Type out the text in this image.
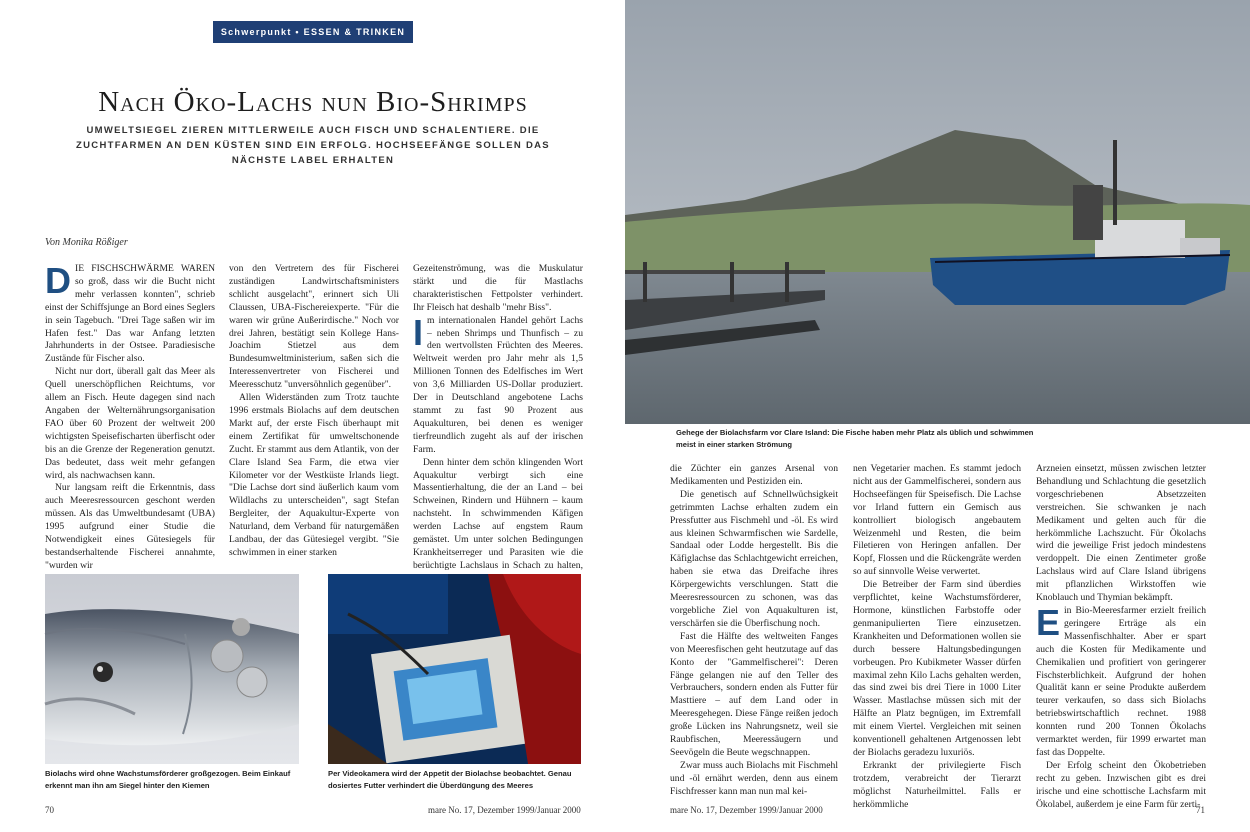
Schwerpunkt • ESSEN & TRINKEN
Nach Öko-Lachs nun Bio-Shrimps
UMWELTSIEGEL ZIEREN MITTLERWEILE AUCH FISCH UND SCHALENTIERE. DIE ZUCHTFARMEN AN DEN KÜSTEN SIND EIN ERFOLG. HOCHSEEFÄNGE SOLLEN DAS NÄCHSTE LABEL ERHALTEN
Von Monika Rößiger
D IE FISCHSCHWÄRME WAREN so groß, dass wir die Bucht nicht mehr verlassen konnten", schrieb einst der Schiffsjunge an Bord eines Seglers in sein Tagebuch. "Drei Tage saßen wir im Hafen fest." Das war Anfang letzten Jahrhunderts in der Ostsee. Paradiesische Zustände für Fischer also.

Nicht nur dort, überall galt das Meer als Quell unerschöpflichen Reichtums, vor allem an Fisch. Heute dagegen sind nach Angaben der Welternährungsorganisation FAO über 60 Prozent der weltweit 200 wichtigsten Speisefischarten überfischt oder bis an die Grenze der Regeneration genutzt. Das bedeutet, dass weit mehr gefangen wird, als nachwachsen kann.

Nur langsam reift die Erkenntnis, dass auch Meeresressourcen geschont werden müssen. Als das Umweltbundesamt (UBA) 1995 aufgrund einer Studie die Notwendigkeit eines Gütesiegels für bestandserhaltende Fischerei annahmte, "wurden wir

von den Vertretern des für Fischerei zuständigen Landwirtschaftsministers schlicht ausgelacht", erinnert sich Uli Claussen, UBA-Fischereiexperte. "Für die waren wir grüne Außerirdische." Noch vor drei Jahren, bestätigt sein Kollege Hans-Joachim Stietzel aus dem Bundesumweltministerium, saßen sich die Interessenvertreter von Fischerei und Meeresschutz "unversöhnlich gegenüber".

Allen Widerständen zum Trotz tauchte 1996 erstmals Biolachs auf dem deutschen Markt auf, der erste Fisch überhaupt mit einem Zertifikat für umweltschonende Zucht. Er stammt aus dem Atlantik, von der Clare Island Sea Farm, die etwa vier Kilometer vor der Westküste Irlands liegt. "Die Lachse dort sind äußerlich kaum vom Wildlachs zu unterscheiden", sagt Stefan Bergleiter, der Aquakultur-Experte von Naturland, dem Verband für naturgemäßen Landbau, der das Gütesiegel vergibt. "Sie schwimmen in einer starken

Gezeitenströmung, was die Muskulatur stärkt und die für Mastlachs charakteristischen Fettpolster verhindert. Ihr Fleisch hat deshalb "mehr Biss".

I m internationalen Handel gehört Lachs – neben Shrimps und Thunfisch – zu den wertvollsten Früchten des Meeres. Weltweit werden pro Jahr mehr als 1,5 Millionen Tonnen des Edelfisches im Wert von 3,6 Milliarden US-Dollar produziert. Der in Deutschland angebotene Lachs stammt zu fast 90 Prozent aus Aquakulturen, bei denen es weniger tierfreundlich zugeht als auf der irischen Farm.

Denn hinter dem schön klingenden Wort Aquakultur verbirgt sich eine Massentierhaltung, die der an Land – bei Schweinen, Rindern und Hühnern – kaum nachsteht. In schwimmenden Käfigen werden Lachse auf engstem Raum gemästet. Um unter solchen Bedingungen Krankheitserreger und Parasiten wie die berüchtigte Lachslaus in Schach zu halten,

Biolachs wird ohne Wachstumsförderer großgezogen. Beim Einkauf erkennt man ihn am Siegel hinter den Kiemen
Per Videokamera wird der Appetit der Biolachse beobachtet. Genau dosiertes Futter verhindert die Überdüngung des Meeres
70	mare No. 17, Dezember 1999/Januar 2000
Gehege der Biolachsfarm vor Clare Island: Die Fische haben mehr Platz als üblich und schwimmen meist in einer starken Strömung

die Züchter ein ganzes Arsenal von Medikamenten und Pestiziden ein.

Die genetisch auf Schnellwüchsigkeit getrimmten Lachse erhalten zudem ein Pressfutter aus Fischmehl und -öl. Es wird aus kleinen Schwarmfischen wie Sardelle, Sandaal oder Lodde hergestellt. Bis die Käfiglachse das Schlachtgewicht erreichen, haben sie etwa das Dreifache ihres Körpergewichts verschlungen. Statt die Meeresressourcen zu schonen, was das vorgebliche Ziel von Aquakulturen ist, verschärfen sie die Überfischung noch.

Fast die Hälfte des weltweiten Fanges von Meeresfischen geht heutzutage auf das Konto der "Gammelfischerei": Deren Fänge gelangen nie auf den Teller des Verbrauchers, sondern enden als Futter für Masttiere – auf dem Land oder in Meeresgehegen. Diese Fänge reißen jedoch große Lücken ins Nahrungsnetz, weil sie Raubfischen, Meeressäugern und Seevögeln die Beute wegschnappen.

Zwar muss auch Biolachs mit Fischmehl und -öl ernährt werden, denn aus einem Fischfresser kann man nun mal kei-

nen Vegetarier machen. Es stammt jedoch nicht aus der Gammelfischerei, sondern aus Hochseefängen für Speisefisch. Die Lachse vor Irland futtern ein Gemisch aus kontrolliert biologisch angebautem Weizenmehl und Resten, die beim Filetieren von Heringen anfallen. Der Kopf, Flossen und die Rückengräte werden so auf sinnvolle Weise verwertet.

Die Betreiber der Farm sind überdies verpflichtet, keine Wachstumsförderer, Hormone, künstlichen Farbstoffe oder genmanipulierten Tiere einzusetzen. Krankheiten und Deformationen wollen sie durch bessere Haltungsbedingungen vorbeugen. Pro Kubikmeter Wasser dürfen maximal zehn Kilo Lachs gehalten werden, das sind zwei bis drei Tiere in 1000 Liter Wasser. Mastlachse müssen sich mit der Hälfte an Platz begnügen, im Extremfall mit einem Viertel. Vergleichen mit seinen konventionell gehaltenen Artgenossen lebt der Biolachs geradezu luxuriös.

Erkrankt der privilegierte Fisch trotzdem, verabreicht der Tierarzt möglichst Naturheilmittel. Falls er herkömmliche

Arzneien einsetzt, müssen zwischen letzter Behandlung und Schlachtung die gesetzlich vorgeschriebenen Absetzzeiten verstreichen. Sie schwanken je nach Medikament und gelten auch für die herkömmliche Lachszucht. Für Ökolachs wird die jeweilige Frist jedoch mindestens verdoppelt. Die einen Zentimeter große Lachslaus wird auf Clare Island übrigens mit pflanzlichen Wirkstoffen wie Knoblauch und Thymian bekämpft.

E in Bio-Meeresfarmer erzielt freilich geringere Erträge als ein Massenfischhalter. Aber er spart auch die Kosten für Medikamente und Chemikalien und profitiert von geringerer Fischsterblichkeit. Aufgrund der hohen Qualität kann er seine Produkte außerdem teurer verkaufen, so dass sich Biolachs betriebswirtschaftlich rechnet. 1988 konnten rund 200 Tonnen Ökolachs vermarktet werden, für 1999 erwartet man fast das Doppelte.

Der Erfolg scheint den Ökobetrieben recht zu geben. Inzwischen gibt es drei irische und eine schottische Lachsfarm mit Ökolabel, außerdem je eine Farm für zerti-

mare No. 17, Dezember 1999/Januar 2000	71
